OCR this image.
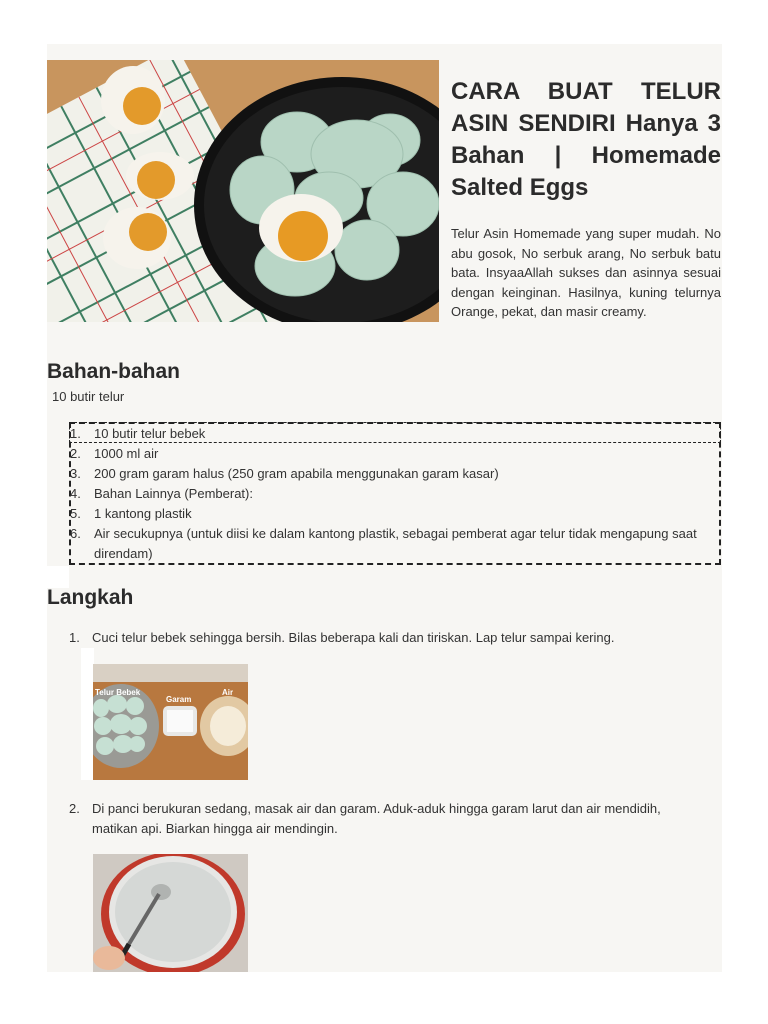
CARA BUAT TELUR ASIN SENDIRI Hanya 3 Bahan | Homemade Salted Eggs

Telur Asin Homemade yang super mudah. No abu gosok, No serbuk arang, No serbuk batu bata. InsyaaAllah sukses dan asinnya sesuai dengan keinginan. Hasilnya, kuning telurnya Orange, pekat, dan masir creamy.

Bahan-bahan
10 butir telur
1. 10 butir telur bebek
2. 1000 ml air
3. 200 gram garam halus (250 gram apabila menggunakan garam kasar)
4. Bahan Lainnya (Pemberat):
5. 1 kantong plastik
6. Air secukupnya (untuk diisi ke dalam kantong plastik, sebagai pemberat agar telur tidak mengapung saat direndam)
Langkah
1. Cuci telur bebek sehingga bersih. Bilas beberapa kali dan tiriskan. Lap telur sampai kering.
Telur Bebek
Garam
Air
2. Di panci berukuran sedang, masak air dan garam. Aduk-aduk hingga garam larut dan air mendidih, matikan api. Biarkan hingga air mendingin.
